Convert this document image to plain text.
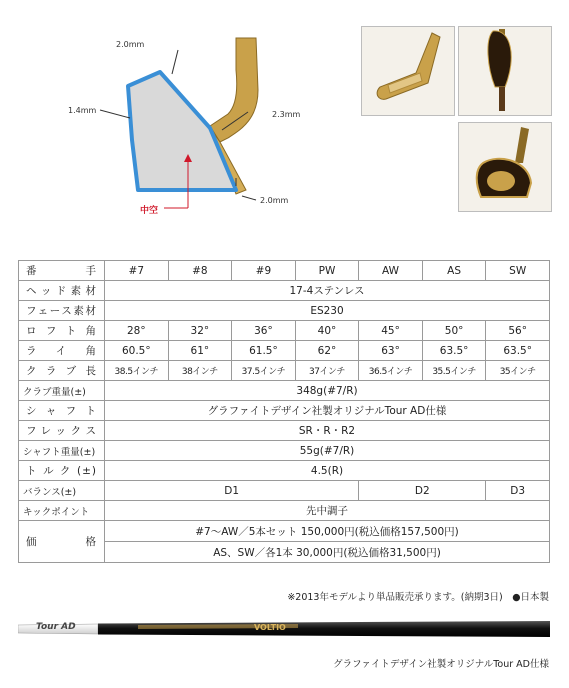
2.0mm
1.4mm	2.3mm
2.0mm
中空
番手	#7	#8	#9	PW	AW	AS	SW
ヘッド素材	17-4ステンレス						
フェース素材	ES230						
ロフト角	28°	32°	36°	40°	45°	50°	56°
ライ角	60.5°	61°	61.5°	62°	63°	63.5°	63.5°
クラブ長	38.5インチ	38インチ	37.5インチ	37インチ	36.5インチ	35.5インチ	35インチ
クラブ重量(±)	348g(#7/R)						
シャフト	グラファイトデザイン社製オリジナルTour AD仕様						
フレックス	SR・R・R2						
シャフト重量(±)	55g(#7/R)						
トルク(±)	4.5(R)						
バランス(±)	D1				D2		D3
キックポイント	先中調子						
価格	#7〜AW／5本セット 150,000円(税込価格157,500円)						
	AS、SW／各1本 30,000円(税込価格31,500円)						
※2013年モデルより単品販売承ります。(納期3日)　●日本製
Tour AD	VOLTIO
グラファイトデザイン社製オリジナルTour AD仕様
